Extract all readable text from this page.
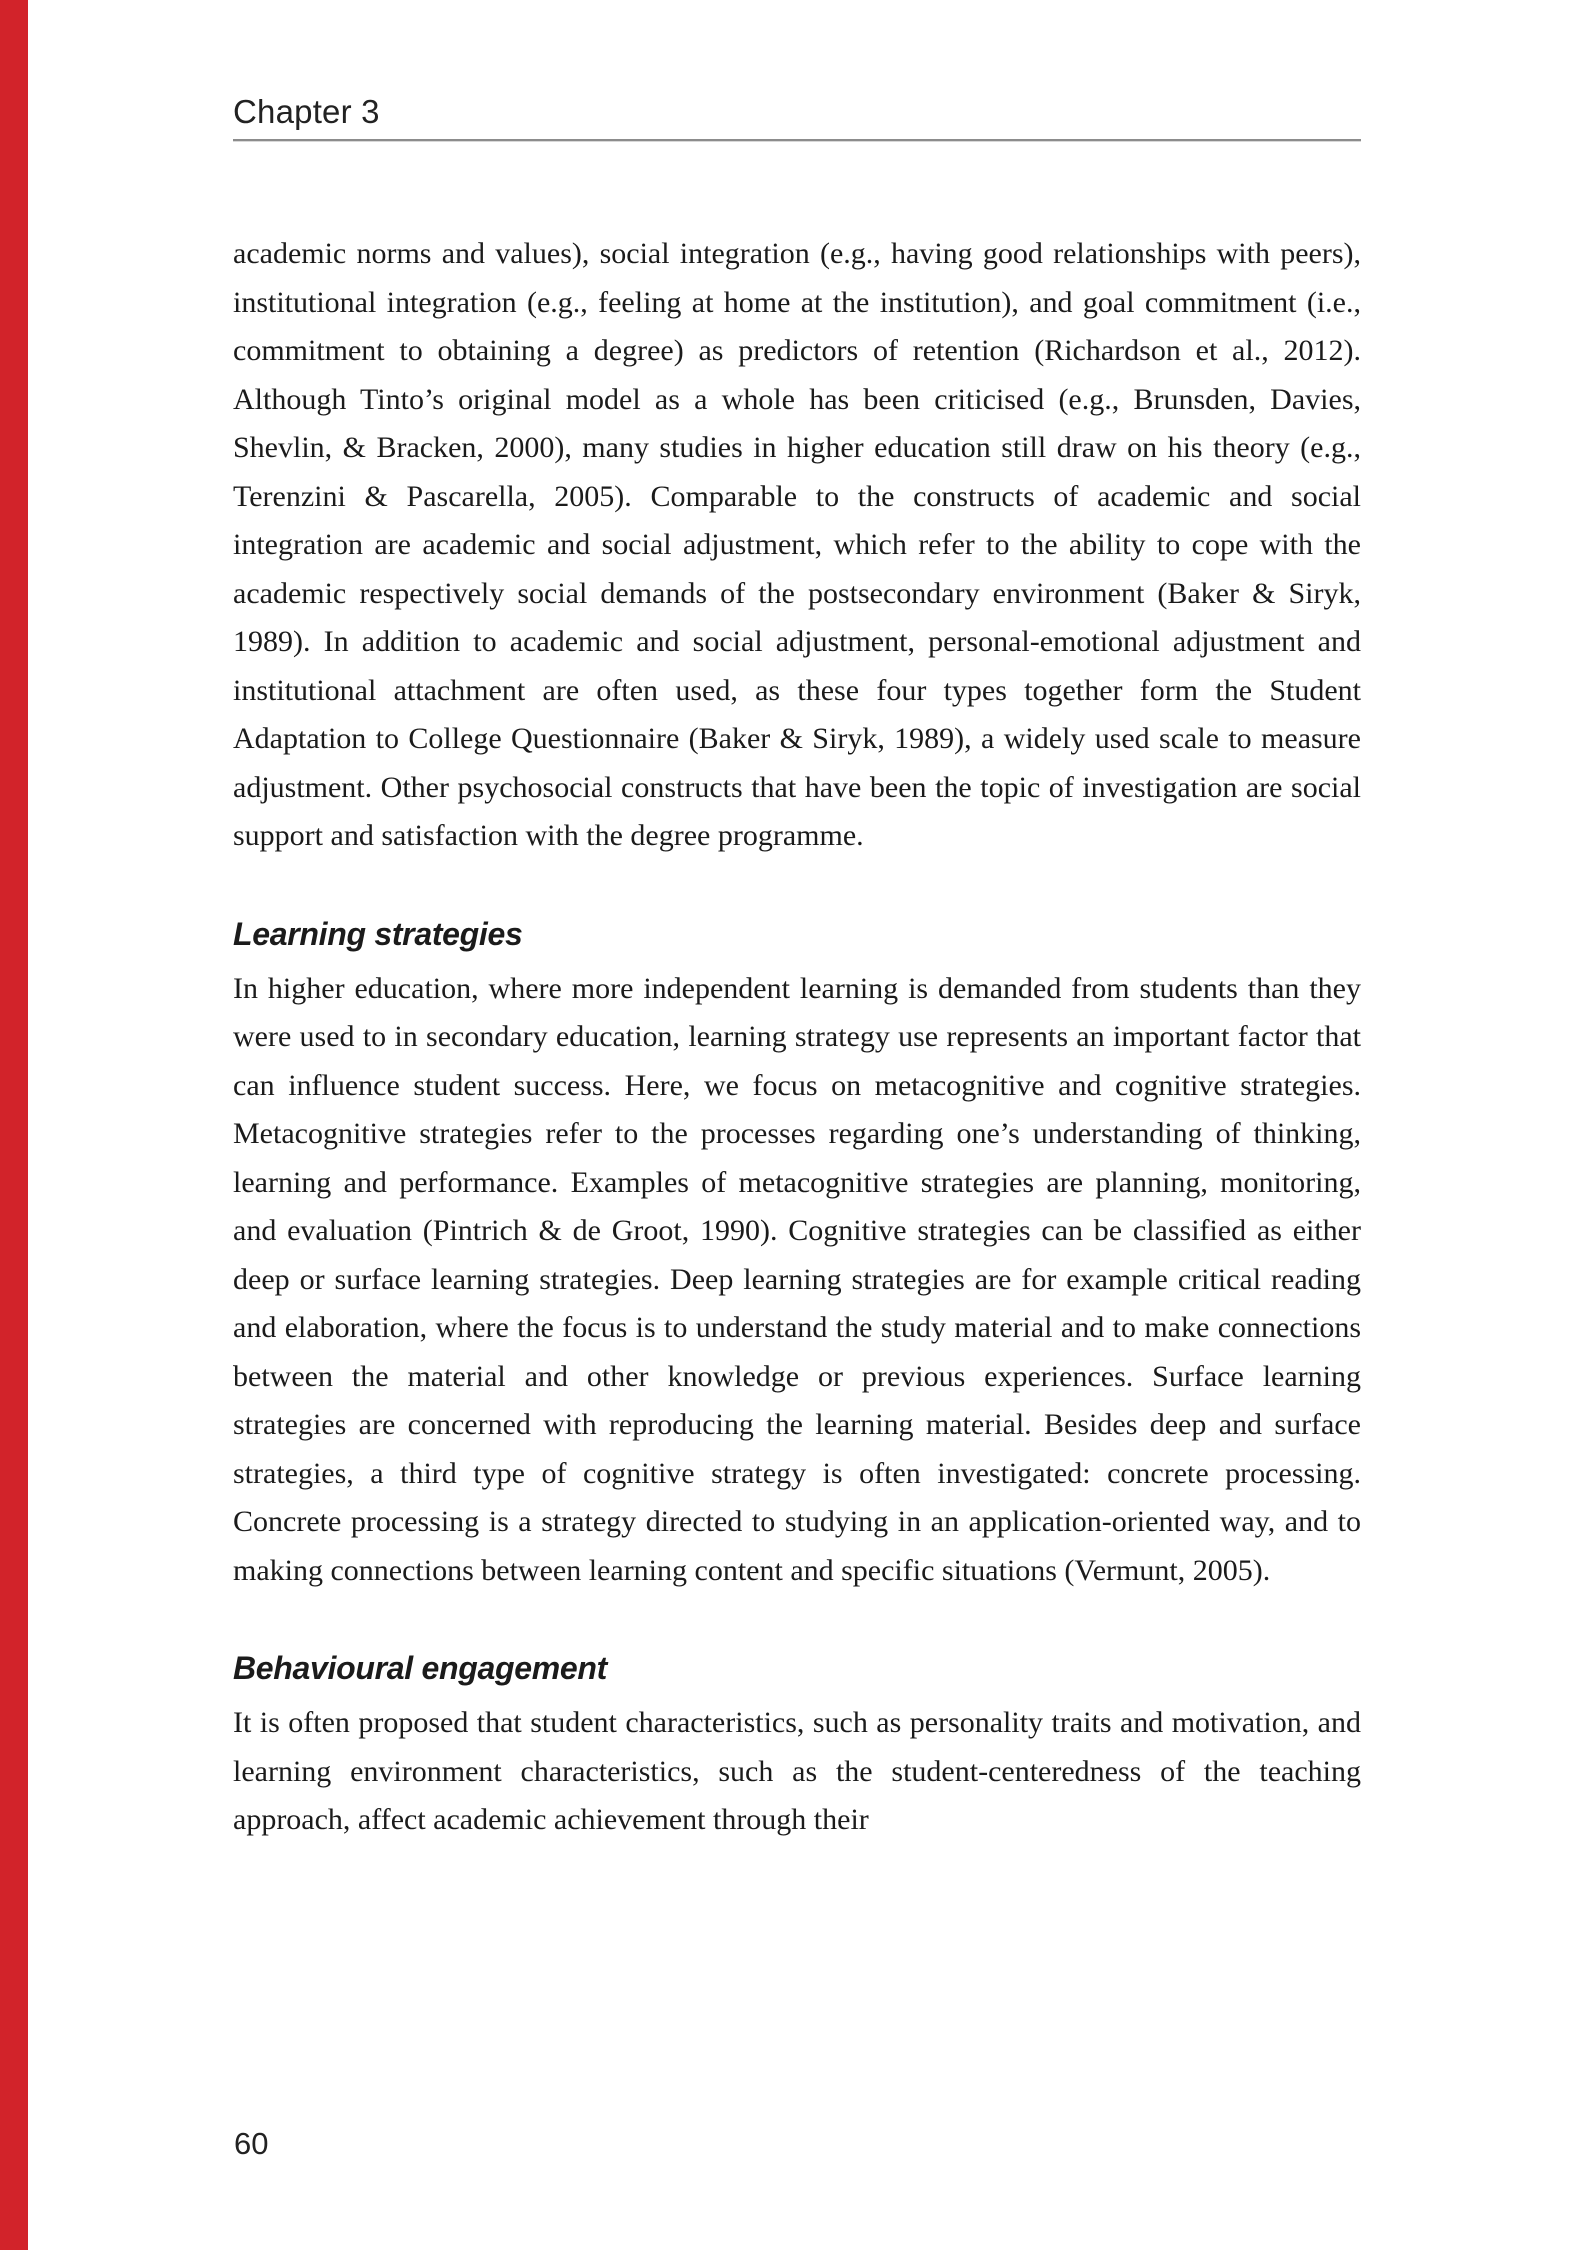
Chapter 3

academic norms and values), social integration (e.g., having good relationships with peers), institutional integration (e.g., feeling at home at the institution), and goal commitment (i.e., commitment to obtaining a degree) as predictors of retention (Richardson et al., 2012). Although Tinto’s original model as a whole has been criticised (e.g., Brunsden, Davies, Shevlin, & Bracken, 2000), many studies in higher education still draw on his theory (e.g., Terenzini & Pascarella, 2005). Comparable to the constructs of academic and social integration are academic and social adjustment, which refer to the ability to cope with the academic respectively social demands of the postsecondary environment (Baker & Siryk, 1989). In addition to academic and social adjustment, personal-emotional adjustment and institutional attachment are often used, as these four types together form the Student Adaptation to College Questionnaire (Baker & Siryk, 1989), a widely used scale to measure adjustment. Other psychosocial constructs that have been the topic of investigation are social support and satisfaction with the degree programme.

Learning strategies

In higher education, where more independent learning is demanded from students than they were used to in secondary education, learning strategy use represents an important factor that can influence student success. Here, we focus on metacognitive and cognitive strategies. Metacognitive strategies refer to the processes regarding one’s understanding of thinking, learning and performance. Examples of metacognitive strategies are planning, monitoring, and evaluation (Pintrich & de Groot, 1990). Cognitive strategies can be classified as either deep or surface learning strategies. Deep learning strategies are for example critical reading and elaboration, where the focus is to understand the study material and to make connections between the material and other knowledge or previous experiences. Surface learning strategies are concerned with reproducing the learning material. Besides deep and surface strategies, a third type of cognitive strategy is often investigated: concrete processing. Concrete processing is a strategy directed to studying in an application-oriented way, and to making connections between learning content and specific situations (Vermunt, 2005).

Behavioural engagement

It is often proposed that student characteristics, such as personality traits and motivation, and learning environment characteristics, such as the student-centeredness of the teaching approach, affect academic achievement through their

60
